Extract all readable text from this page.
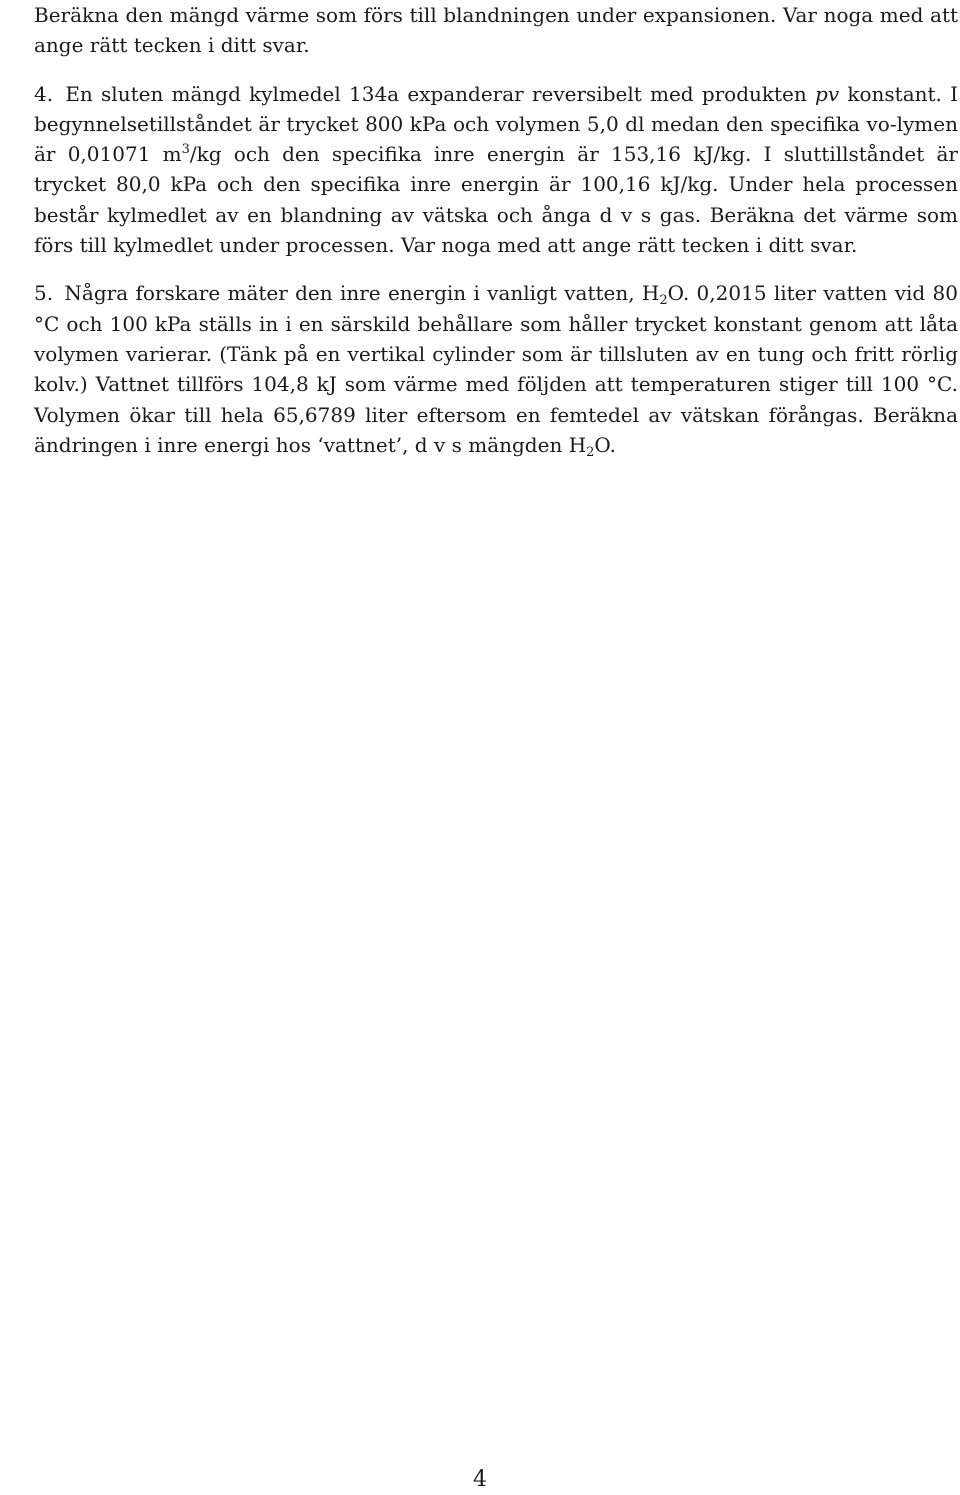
Beräkna den mängd värme som förs till blandningen under expansionen. Var noga med att ange rätt tecken i ditt svar.

4. En sluten mängd kylmedel 134a expanderar reversibelt med produkten pv konstant. I begynnelsetillståndet är trycket 800 kPa och volymen 5,0 dl medan den specifika vo-lymen är 0,01071 $m^3/kg$ och den specifika inre energin är 153,16 kJ/kg. I sluttillståndet är trycket 80,0 kPa och den specifika inre energin är 100,16 kJ/kg. Under hela processen består kylmedlet av en blandning av vätska och ånga d v s gas. Beräkna det värme som förs till kylmedlet under processen. Var noga med att ange rätt tecken i ditt svar.

5. Några forskare mäter den inre energin i vanligt vatten, $H_2O$. 0,2015 liter vatten vid 80 °C och 100 kPa ställs in i en särskild behållare som håller trycket konstant genom att låta volymen varierar. (Tänk på en vertikal cylinder som är tillsluten av en tung och fritt rörlig kolv.) Vattnet tillförs 104,8 kJ som värme med följden att temperaturen stiger till 100 °C. Volymen ökar till hela 65,6789 liter eftersom en femtedel av vätskan förångas. Beräkna ändringen i inre energi hos ‘vattnet’, d v s mängden $H_2O$.

4
